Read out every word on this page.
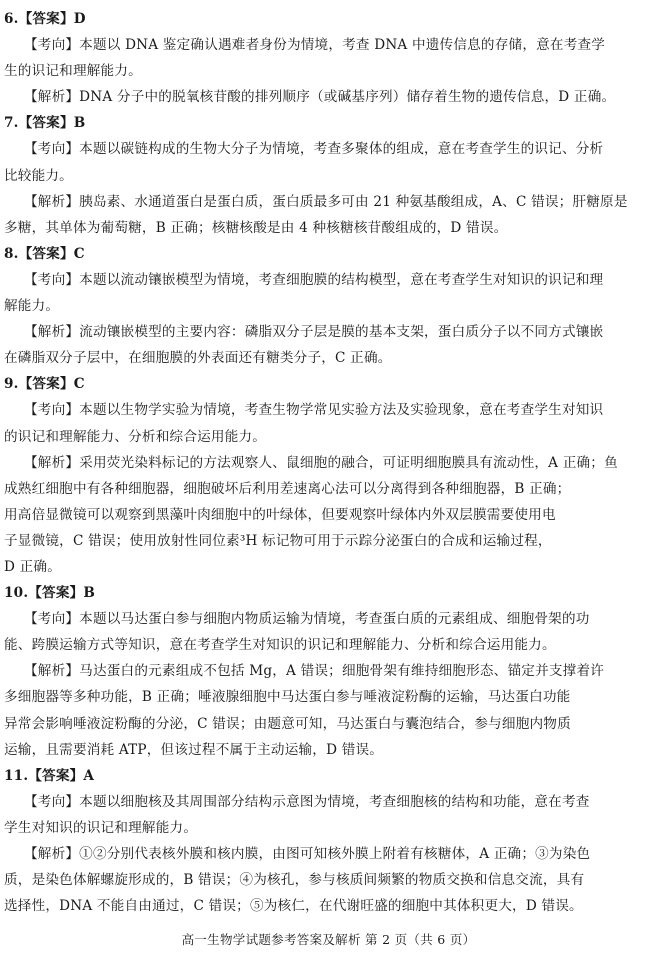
6.【答案】D
【考向】本题以 DNA 鉴定确认遇难者身份为情境，考查 DNA 中遗传信息的存储，意在考查学
生的识记和理解能力。
【解析】DNA 分子中的脱氧核苷酸的排列顺序（或碱基序列）储存着生物的遗传信息，D 正确。
7.【答案】B
【考向】本题以碳链构成的生物大分子为情境，考查多聚体的组成，意在考查学生的识记、分析
比较能力。
【解析】胰岛素、水通道蛋白是蛋白质，蛋白质最多可由 21 种氨基酸组成，A、C 错误；肝糖原是
多糖，其单体为葡萄糖，B 正确；核糖核酸是由 4 种核糖核苷酸组成的，D 错误。
8.【答案】C
【考向】本题以流动镶嵌模型为情境，考查细胞膜的结构模型，意在考查学生对知识的识记和理
解能力。
【解析】流动镶嵌模型的主要内容：磷脂双分子层是膜的基本支架，蛋白质分子以不同方式镶嵌
在磷脂双分子层中，在细胞膜的外表面还有糖类分子，C 正确。
9.【答案】C
【考向】本题以生物学实验为情境，考查生物学常见实验方法及实验现象，意在考查学生对知识
的识记和理解能力、分析和综合运用能力。
【解析】采用荧光染料标记的方法观察人、鼠细胞的融合，可证明细胞膜具有流动性，A 正确；鱼
成熟红细胞中有各种细胞器，细胞破坏后利用差速离心法可以分离得到各种细胞器，B 正确；
用高倍显微镜可以观察到黑藻叶肉细胞中的叶绿体，但要观察叶绿体内外双层膜需要使用电
子显微镜，C 错误；使用放射性同位素³H 标记物可用于示踪分泌蛋白的合成和运输过程，
D 正确。
10.【答案】B
【考向】本题以马达蛋白参与细胞内物质运输为情境，考查蛋白质的元素组成、细胞骨架的功
能、跨膜运输方式等知识，意在考查学生对知识的识记和理解能力、分析和综合运用能力。
【解析】马达蛋白的元素组成不包括 Mg，A 错误；细胞骨架有维持细胞形态、锚定并支撑着许
多细胞器等多种功能，B 正确；唾液腺细胞中马达蛋白参与唾液淀粉酶的运输，马达蛋白功能
异常会影响唾液淀粉酶的分泌，C 错误；由题意可知，马达蛋白与囊泡结合，参与细胞内物质
运输，且需要消耗 ATP，但该过程不属于主动运输，D 错误。
11.【答案】A
【考向】本题以细胞核及其周围部分结构示意图为情境，考查细胞核的结构和功能，意在考查
学生对知识的识记和理解能力。
【解析】①②分别代表核外膜和核内膜，由图可知核外膜上附着有核糖体，A 正确；③为染色
质，是染色体解螺旋形成的，B 错误；④为核孔，参与核质间频繁的物质交换和信息交流，具有
选择性，DNA 不能自由通过，C 错误；⑤为核仁，在代谢旺盛的细胞中其体积更大，D 错误。
高一生物学试题参考答案及解析 第 2 页（共 6 页）
